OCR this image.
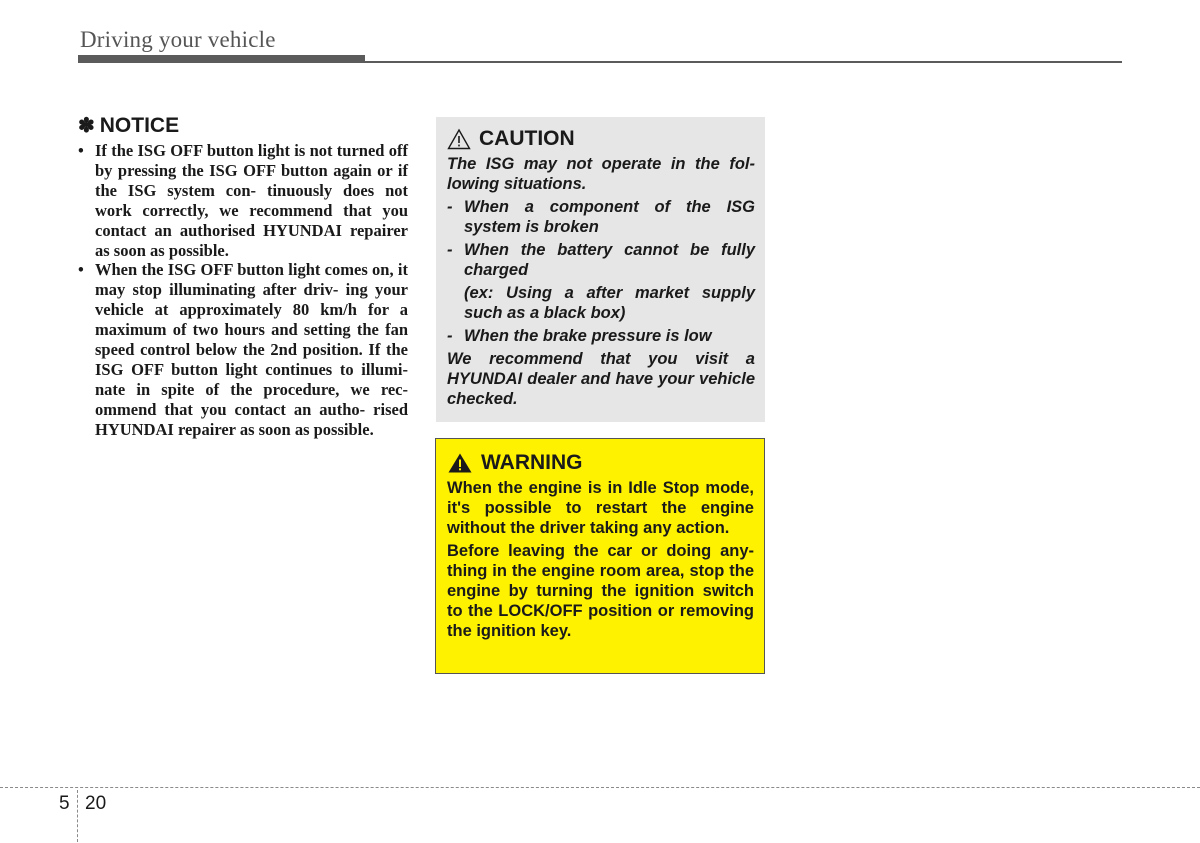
Driving your vehicle
✽ NOTICE
• If the ISG OFF button light is not turned off by pressing the ISG OFF button again or if the ISG system con- tinuously does not work correctly, we recommend that you contact an authorised HYUNDAI repairer as soon as possible.
• When the ISG OFF button light comes on, it may stop illuminating after driv- ing your vehicle at approximately 80 km/h for a maximum of two hours and setting the fan speed control below the 2nd position. If the ISG OFF button light continues to illumi- nate in spite of the procedure, we rec- ommend that you contact an autho- rised HYUNDAI repairer as soon as possible.
CAUTION

The ISG may not operate in the fol- lowing situations.

- When a component of the ISG system is broken
- When the battery cannot be fully charged

(ex: Using a after market supply such as a black box)

- When the brake pressure is low

We recommend that you visit a HYUNDAI dealer and have your vehicle checked.

WARNING

When the engine is in Idle Stop mode, it's possible to restart the engine without the driver taking any action.

Before leaving the car or doing any- thing in the engine room area, stop the engine by turning the ignition switch to the LOCK/OFF position or removing the ignition key.

5 20
